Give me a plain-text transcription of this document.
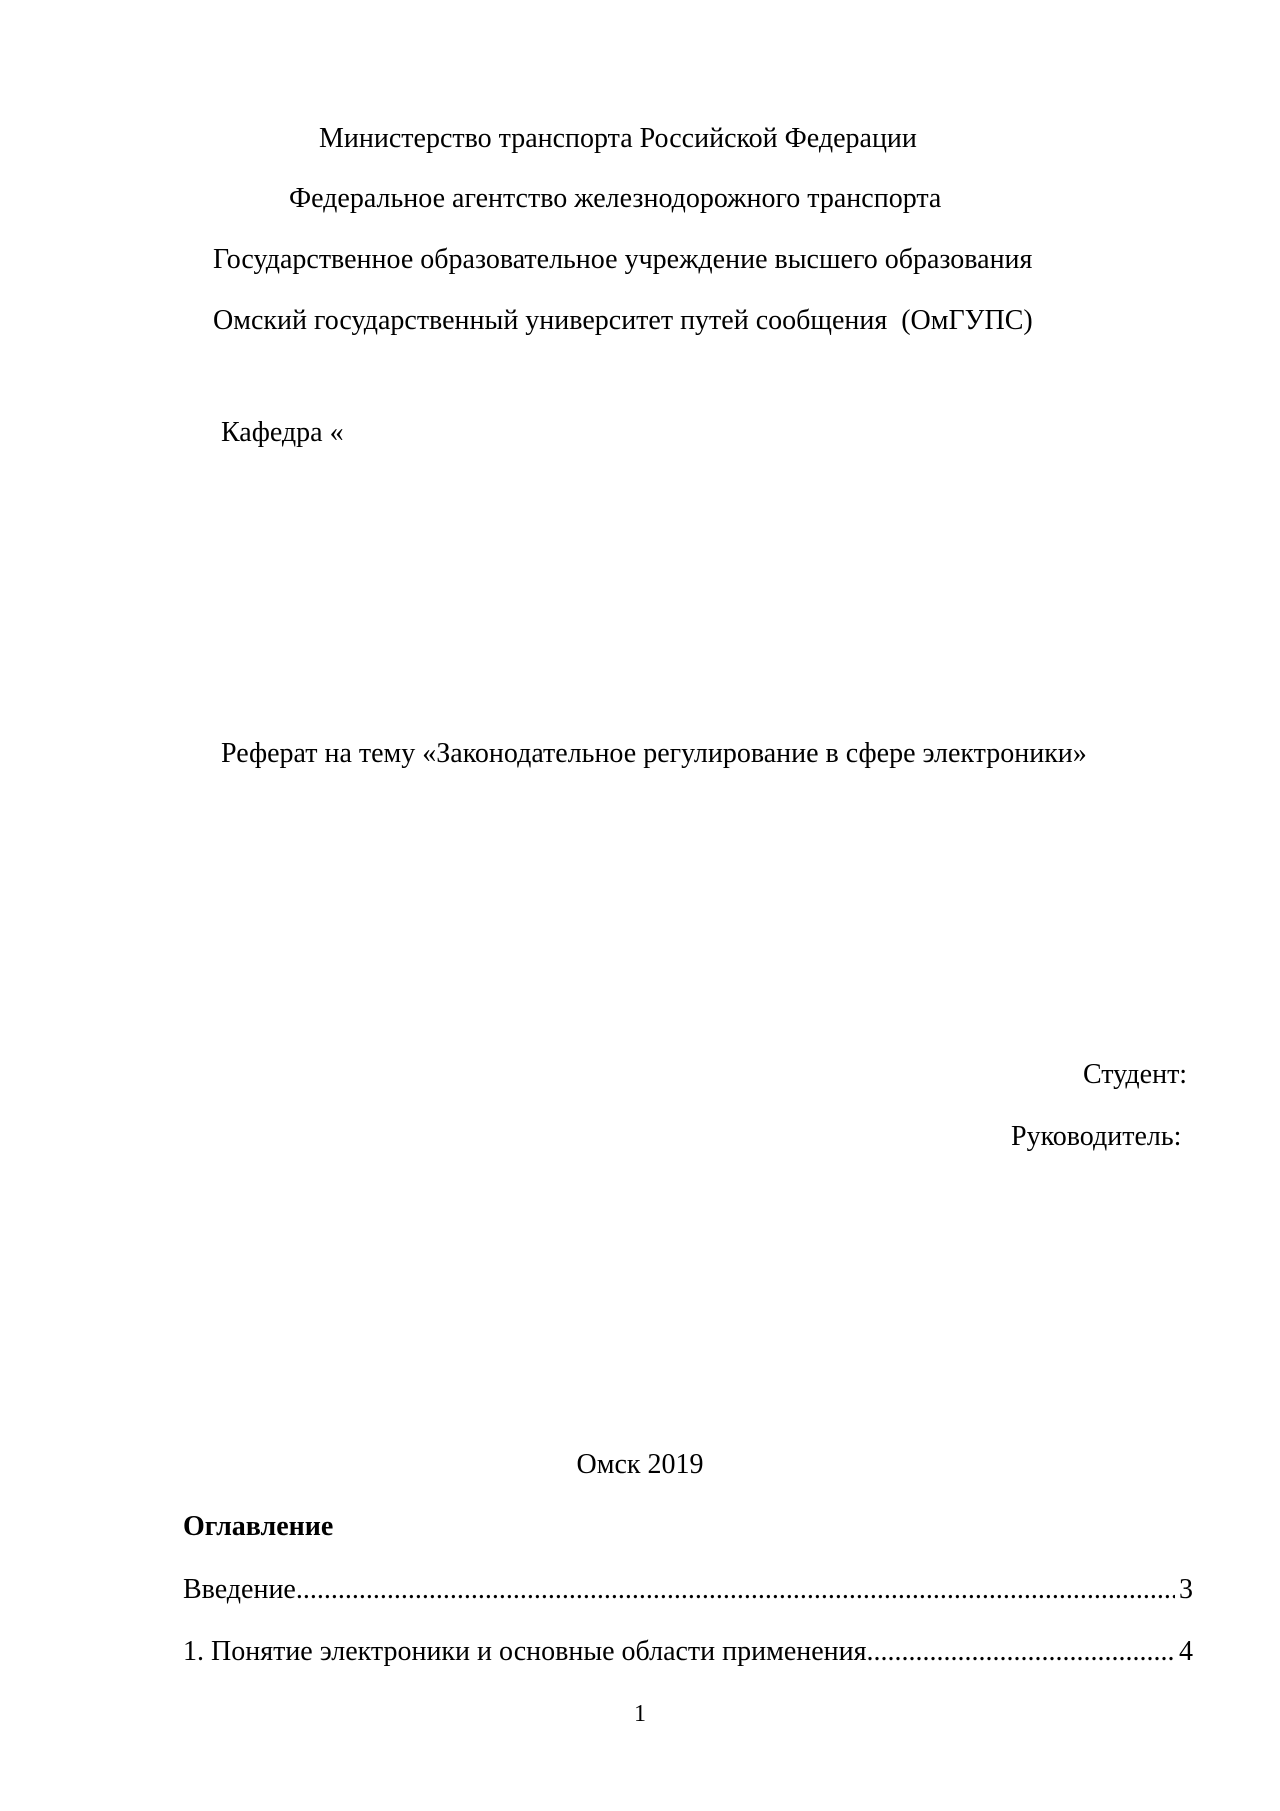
Министерство транспорта Российской Федерации
Федеральное агентство железнодорожного транспорта
Государственное образовательное учреждение высшего образования
Омский государственный университет путей сообщения  (ОмГУПС)
Кафедра «
Реферат на тему «Законодательное регулирование в сфере электроники»
Студент:
Руководитель:
Омск 2019
Оглавление
Введение .....	3
1. Понятие электроники и основные области применения .....	4
1
